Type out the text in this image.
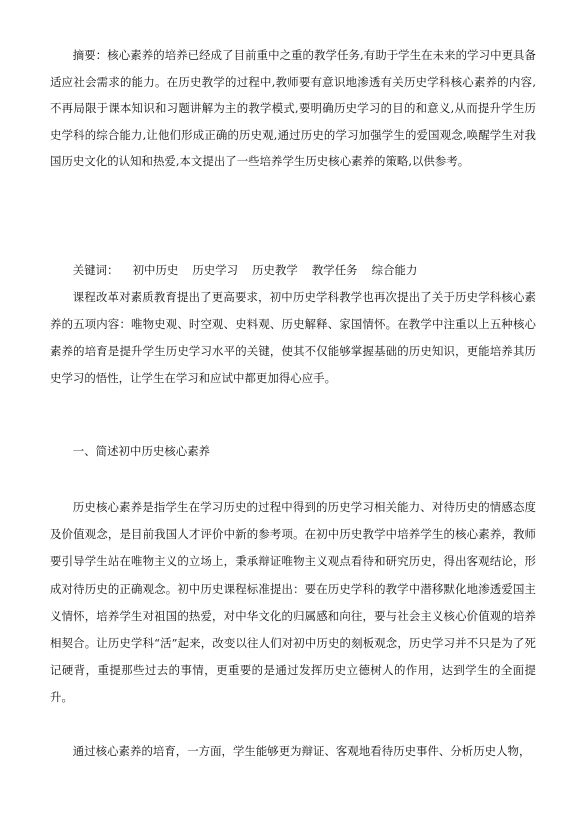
摘要：核心素养的培养已经成了目前重中之重的教学任务,有助于学生在未来的学习中更具备适应社会需求的能力。在历史教学的过程中,教师要有意识地渗透有关历史学科核心素养的内容,不再局限于课本知识和习题讲解为主的教学模式,要明确历史学习的目的和意义,从而提升学生历史学科的综合能力,让他们形成正确的历史观,通过历史的学习加强学生的爱国观念,唤醒学生对我国历史文化的认知和热爱,本文提出了一些培养学生历史核心素养的策略,以供参考。

关键词： 初中历史 历史学习 历史教学 教学任务 综合能力

课程改革对素质教育提出了更高要求，初中历史学科教学也再次提出了关于历史学科核心素养的五项内容：唯物史观、时空观、史料观、历史解释、家国情怀。在教学中注重以上五种核心素养的培育是提升学生历史学习水平的关键，使其不仅能够掌握基础的历史知识，更能培养其历史学习的悟性，让学生在学习和应试中都更加得心应手。

一、简述初中历史核心素养

历史核心素养是指学生在学习历史的过程中得到的历史学习相关能力、对待历史的情感态度及价值观念，是目前我国人才评价中新的参考项。在初中历史教学中培养学生的核心素养，教师要引导学生站在唯物主义的立场上，秉承辩证唯物主义观点看待和研究历史，得出客观结论，形成对待历史的正确观念。初中历史课程标准提出：要在历史学科的教学中潜移默化地渗透爱国主义情怀，培养学生对祖国的热爱，对中华文化的归属感和向往，要与社会主义核心价值观的培养相契合。让历史学科“活”起来，改变以往人们对初中历史的刻板观念，历史学习并不只是为了死记硬背，重提那些过去的事情，更重要的是通过发挥历史立德树人的作用，达到学生的全面提升。

通过核心素养的培育，一方面，学生能够更为辩证、客观地看待历史事件、分析历史人物，
